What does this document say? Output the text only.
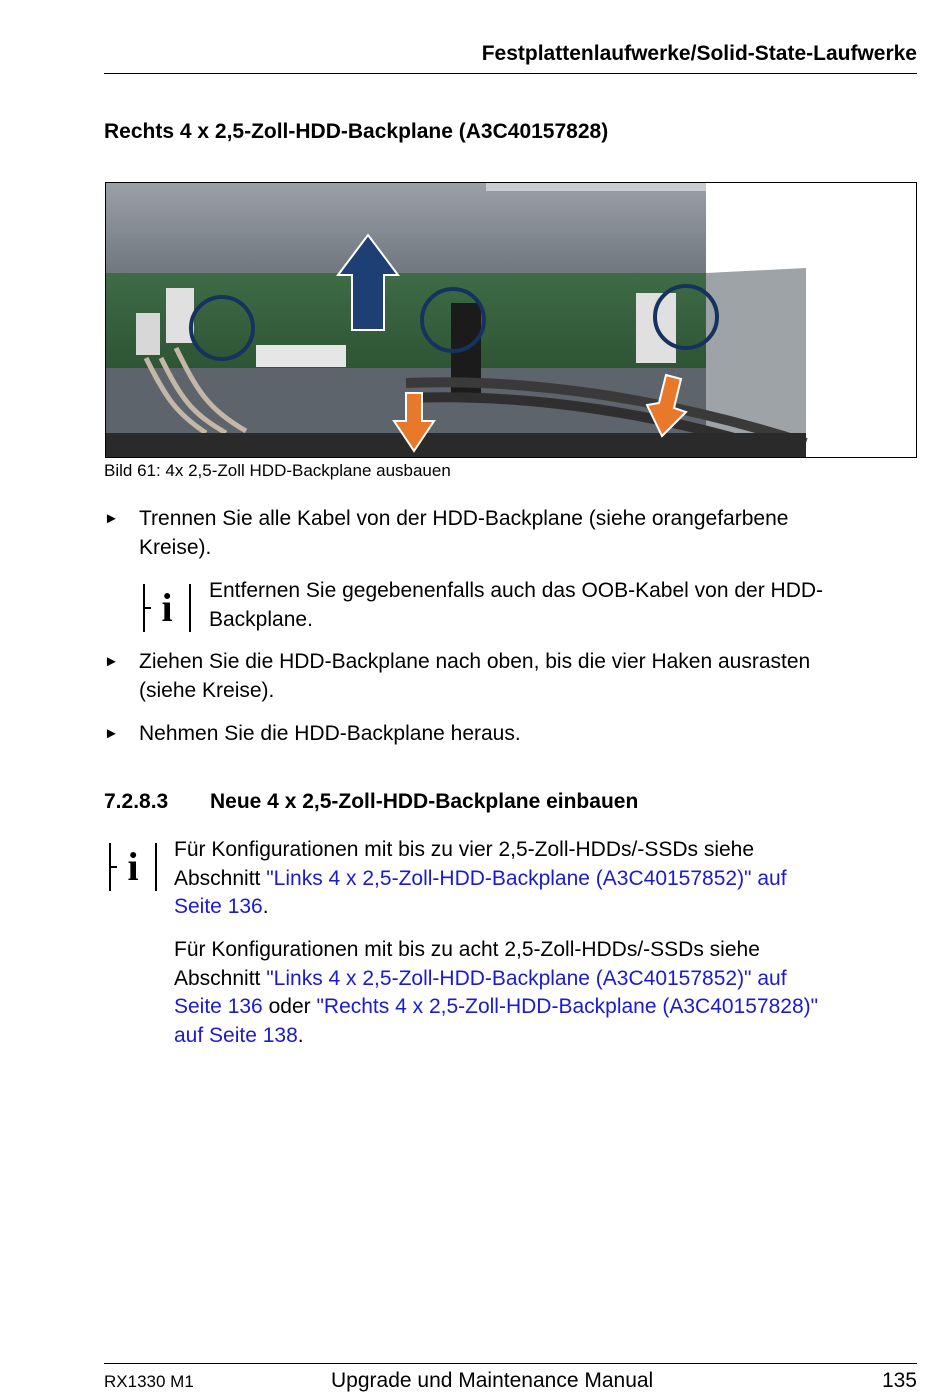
Festplattenlaufwerke/Solid-State-Laufwerke
Rechts 4 x 2,5-Zoll-HDD-Backplane (A3C40157828)
Bild 61: 4x 2,5-Zoll HDD-Backplane ausbauen
► Trennen Sie alle Kabel von der HDD-Backplane (siehe orangefarbene
Kreise).
i Entfernen Sie gegebenenfalls auch das OOB-Kabel von der HDD-
Backplane.
► Ziehen Sie die HDD-Backplane nach oben, bis die vier Haken ausrasten
(siehe Kreise).
► Nehmen Sie die HDD-Backplane heraus.
7.2.8.3 Neue 4 x 2,5-Zoll-HDD-Backplane einbauen
i Für Konfigurationen mit bis zu vier 2,5-Zoll-HDDs/-SSDs siehe
Abschnitt "Links 4 x 2,5-Zoll-HDD-Backplane (A3C40157852)" auf
Seite 136.
Für Konfigurationen mit bis zu acht 2,5-Zoll-HDDs/-SSDs siehe
Abschnitt "Links 4 x 2,5-Zoll-HDD-Backplane (A3C40157852)" auf
Seite 136 oder "Rechts 4 x 2,5-Zoll-HDD-Backplane (A3C40157828)"
auf Seite 138.
RX1330 M1	Upgrade und Maintenance Manual	135
